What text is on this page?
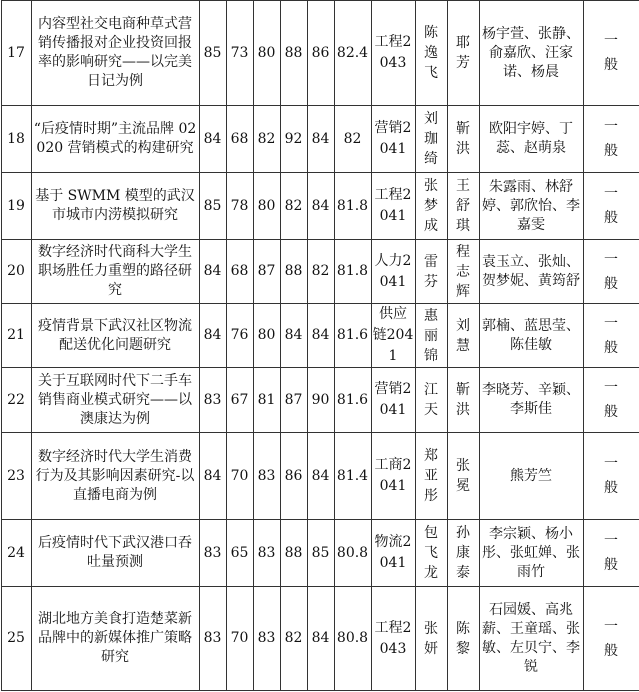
17	内容型社交电商种草式营销传播报对企业投资回报率的影响研究——以完美日记为例	85	73	80	88	86	82.4	工程2043	陈逸飞	耶芳	杨宇萱、张静、俞嘉欣、汪家诺、杨晨	一般
18	“后疫情时期”主流品牌 02020 营销模式的构建研究	84	68	82	92	84	82	营销2041	刘珈绮	靳洪	欧阳宇婷、丁蕊、赵萌泉	一般
19	基于 SWMM 模型的武汉市城市内涝模拟研究	85	78	80	82	84	81.8	工程2041	张梦成	王舒琪	朱露雨、林舒婷、郭欣怡、李嘉雯	一般
20	数字经济时代商科大学生职场胜任力重塑的路径研究	84	68	87	88	82	81.8	人力2041	雷芬	程志辉	袁玉立、张灿、贺梦妮、黄筠舒	一般
21	疫情背景下武汉社区物流配送优化问题研究	84	76	80	84	84	81.6	供应链2041	惠丽锦	刘慧	郭楠、蓝思莹、陈佳敏	一般
22	关于互联网时代下二手车销售商业模式研究——以澳康达为例	83	67	81	87	90	81.6	营销2041	江天	靳洪	李晓芳、辛颖、李斯佳	一般
23	数字经济时代大学生消费行为及其影响因素研究-以直播电商为例	84	70	83	86	84	81.4	工商2041	郑亚彤	张冕	熊芳竺	一般
24	后疫情时代下武汉港口吞吐量预测	83	65	83	88	85	80.8	物流2041	包飞龙	孙康泰	李宗颖、杨小彤、张虹婵、张雨竹	一般
25	湖北地方美食打造楚菜新品牌中的新媒体推广策略研究	83	70	83	82	84	80.8	工程2043	张妍	陈黎	石园媛、高兆薪、王童瑶、张敏、左贝宁、李锐	一般
